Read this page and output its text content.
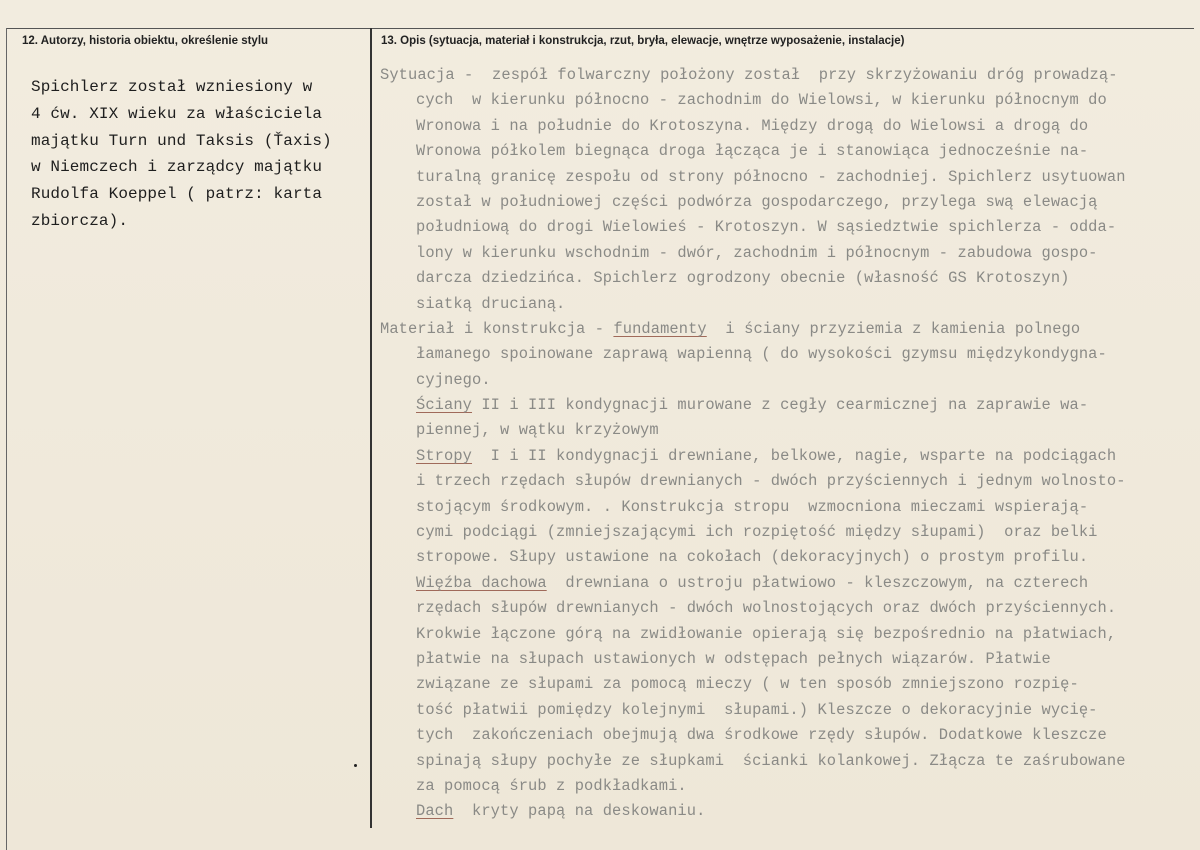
12. Autorzy, historia obiektu, określenie stylu	13. Opis (sytuacja, materiał i konstrukcja, rzut, bryła, elewacje, wnętrze wyposażenie, instalacje)
Spichlerz został wzniesiony w
4 ćw. XIX wieku za właściciela
majątku Turn und Taksis (Ťaxis)
w Niemczech i zarządcy majątku
Rudolfa Koeppel ( patrz: karta
zbiorcza).
Sytuacja -  zespół folwarczny położony został  przy skrzyżowaniu dróg prowadzą-
cych  w kierunku północno - zachodnim do Wielowsi, w kierunku północnym do
Wronowa i na południe do Krotoszyna. Między drogą do Wielowsi a drogą do
Wronowa półkolem biegnąca droga łącząca je i stanowiąca jednocześnie na-
turalną granicę zespołu od strony północno - zachodniej. Spichlerz usytuowan
został w południowej części podwórza gospodarczego, przylega swą elewacją
południową do drogi Wielowieś - Krotoszyn. W sąsiedztwie spichlerza - odda-
lony w kierunku wschodnim - dwór, zachodnim i północnym - zabudowa gospo-
darcza dziedzińca. Spichlerz ogrodzony obecnie (własność GS Krotoszyn)
siatką drucianą.
Materiał i konstrukcja - fundamenty  i ściany przyziemia z kamienia polnego
łamanego spoinowane zaprawą wapienną ( do wysokości gzymsu międzykondygna-
cyjnego.
Ściany II i III kondygnacji murowane z cegły cearmicznej na zaprawie wa-
piennej, w wątku krzyżowym
Stropy  I i II kondygnacji drewniane, belkowe, nagie, wsparte na podciągach
i trzech rzędach słupów drewnianych - dwóch przyściennych i jednym wolnosto-
stojącym środkowym. . Konstrukcja stropu  wzmocniona mieczami wspierają-
cymi podciągi (zmniejszającymi ich rozpiętość między słupami)  oraz belki
stropowe. Słupy ustawione na cokołach (dekoracyjnych) o prostym profilu.
Więźba dachowa  drewniana o ustroju płatwiowo - kleszczowym, na czterech
rzędach słupów drewnianych - dwóch wolnostojących oraz dwóch przyściennych.
Krokwie łączone górą na zwidłowanie opierają się bezpośrednio na płatwiach,
płatwie na słupach ustawionych w odstępach pełnych wiązarów. Płatwie
związane ze słupami za pomocą mieczy ( w ten sposób zmniejszono rozpię-
tość płatwii pomiędzy kolejnymi  słupami.) Kleszcze o dekoracyjnie wycię-
tych  zakończeniach obejmują dwa środkowe rzędy słupów. Dodatkowe kleszcze
spinają słupy pochyłe ze słupkami  ścianki kolankowej. Złącza te zaśrubowane
za pomocą śrub z podkładkami.
Dach  kryty papą na deskowaniu.
